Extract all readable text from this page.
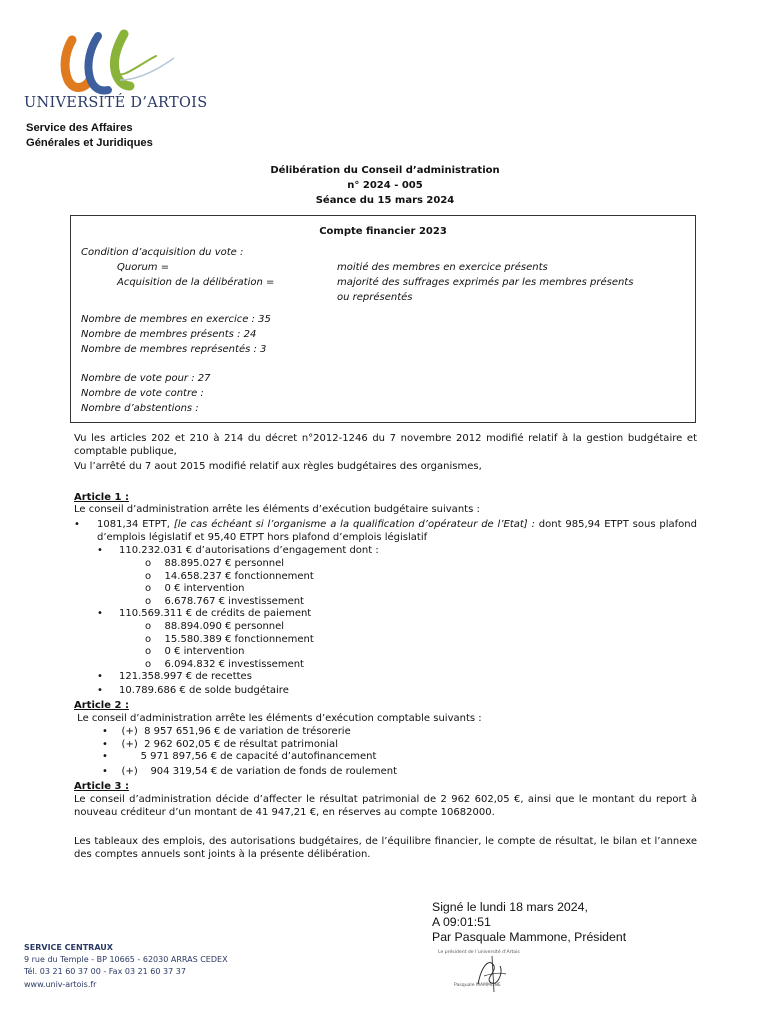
UNIVERSITÉ D’ARTOIS
Service des Affaires
Générales et Juridiques
Délibération du Conseil d’administration
n° 2024 - 005
Séance du 15 mars 2024
Compte financier 2023
Condition d’acquisition du vote :
Quorum =	moitié des membres en exercice présents
Acquisition de la délibération =	majorité des suffrages exprimés par les membres présents
ou représentés
Nombre de membres en exercice : 35
Nombre de membres présents : 24
Nombre de membres représentés : 3
Nombre de vote pour : 27
Nombre de vote contre :
Nombre d’abstentions :
Vu les articles 202 et 210 à 214 du décret n°2012-1246 du 7 novembre 2012 modifié relatif à la gestion budgétaire et comptable publique,
Vu l’arrêté du 7 aout 2015 modifié relatif aux règles budgétaires des organismes,
Article 1 :
Le conseil d’administration arrête les éléments d’exécution budgétaire suivants :
• 1081,34 ETPT, [le cas échéant si l’organisme a la qualification d’opérateur de l’Etat] : dont 985,94 ETPT sous plafond d’emplois législatif et 95,40 ETPT hors plafond d’emplois législatif
• 110.232.031 € d’autorisations d’engagement dont :
o 88.895.027 € personnel
o 14.658.237 € fonctionnement
o 0 € intervention
o 6.678.767 € investissement
• 110.569.311 € de crédits de paiement
o 88.894.090 € personnel
o 15.580.389 € fonctionnement
o 0 € intervention
o 6.094.832 € investissement
• 121.358.997 € de recettes
• 10.789.686 € de solde budgétaire
Article 2 :
Le conseil d’administration arrête les éléments d’exécution comptable suivants :
• (+)  8 957 651,96 € de variation de trésorerie
• (+)  2 962 602,05 € de résultat patrimonial
•         5 971 897,56 € de capacité d’autofinancement
• (+)    904 319,54 € de variation de fonds de roulement
Article 3 :
Le conseil d’administration décide d’affecter le résultat patrimonial de 2 962 602,05 €, ainsi que le montant du report à nouveau créditeur d’un montant de 41 947,21 €, en réserves au compte 10682000.
Les tableaux des emplois, des autorisations budgétaires, de l’équilibre financier, le compte de résultat, le bilan et l’annexe des comptes annuels sont joints à la présente délibération.
Signé le lundi 18 mars 2024,
A 09:01:51
Par Pasquale Mammone, Président
Le président de l’université d’Artois
Pasquale MAMMONE
SERVICE CENTRAUX
9 rue du Temple - BP 10665 - 62030 ARRAS CEDEX
Tél. 03 21 60 37 00 - Fax 03 21 60 37 37
www.univ-artois.fr
